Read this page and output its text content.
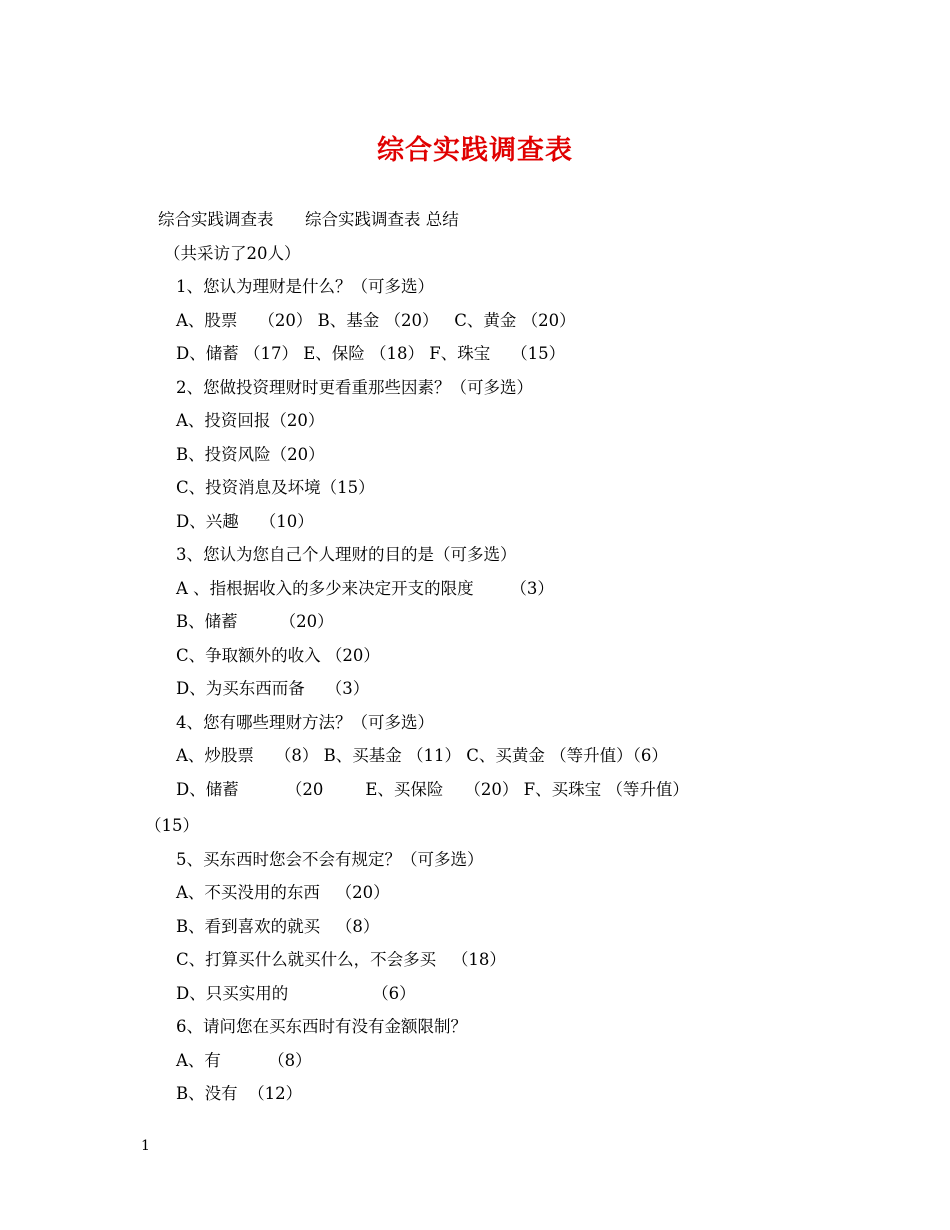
综合实践调查表
综合实践调查表      综合实践调查表 总结
（共采访了20人）
1、您认为理财是什么？（可多选）
A、股票    （20） B、基金 （20）   C、黄金 （20）
D、储蓄 （17） E、保险 （18） F、珠宝    （15）
2、您做投资理财时更看重那些因素？（可多选）
A、投资回报（20）
B、投资风险（20）
C、投资消息及坏境（15）
D、兴趣    （10）
3、您认为您自己个人理财的目的是（可多选）
A 、指根据收入的多少来决定开支的限度       （3）
B、储蓄        （20）
C、争取额外的收入 （20）
D、为买东西而备    （3）
4、您有哪些理财方法？（可多选）
A、炒股票    （8） B、买基金 （11） C、买黄金 （等升值）（6）
D、储蓄         （20        E、买保险    （20） F、买珠宝 （等升值）
（15）
5、买东西时您会不会有规定？（可多选）
A、不买没用的东西   （20）
B、看到喜欢的就买   （8）
C、打算买什么就买什么，不会多买   （18）
D、只买实用的                （6）
6、请问您在买东西时有没有金额限制？
A、有         （8）
B、没有  （12）
1
